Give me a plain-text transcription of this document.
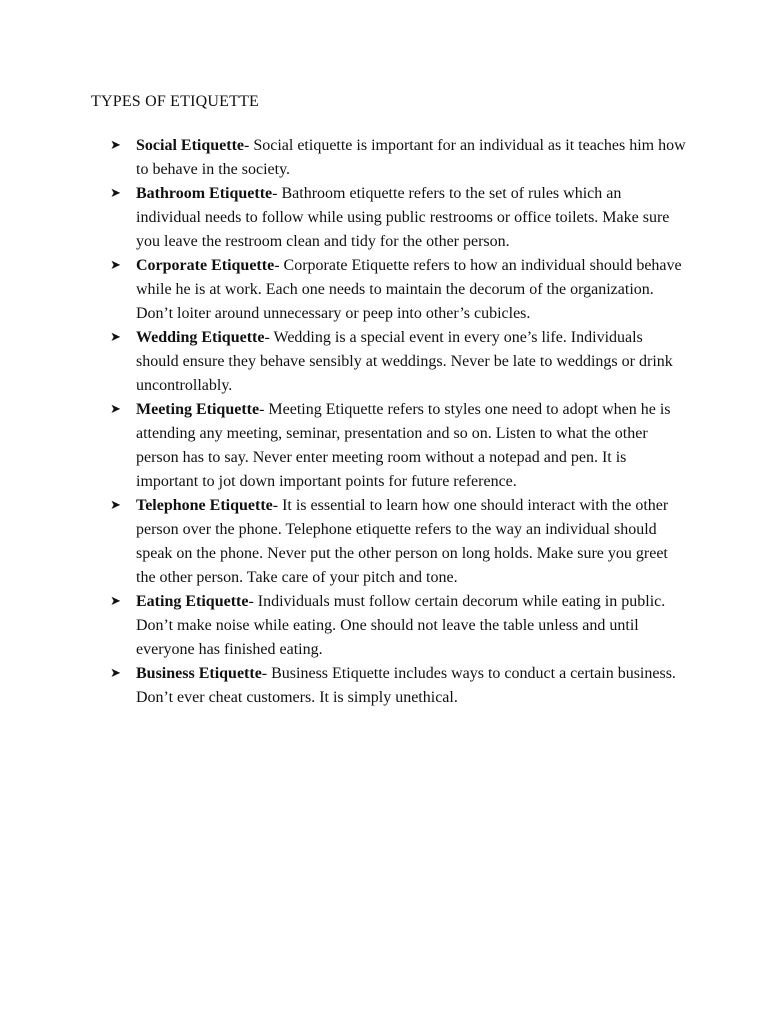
TYPES OF ETIQUETTE
➤ Social Etiquette- Social etiquette is important for an individual as it teaches him how to behave in the society.
➤ Bathroom Etiquette- Bathroom etiquette refers to the set of rules which an individual needs to follow while using public restrooms or office toilets. Make sure you leave the restroom clean and tidy for the other person.
➤ Corporate Etiquette- Corporate Etiquette refers to how an individual should behave while he is at work. Each one needs to maintain the decorum of the organization. Don’t loiter around unnecessary or peep into other’s cubicles.
➤ Wedding Etiquette- Wedding is a special event in every one’s life. Individuals should ensure they behave sensibly at weddings. Never be late to weddings or drink uncontrollably.
➤ Meeting Etiquette- Meeting Etiquette refers to styles one need to adopt when he is attending any meeting, seminar, presentation and so on. Listen to what the other person has to say. Never enter meeting room without a notepad and pen. It is important to jot down important points for future reference.
➤ Telephone Etiquette- It is essential to learn how one should interact with the other person over the phone. Telephone etiquette refers to the way an individual should speak on the phone. Never put the other person on long holds. Make sure you greet the other person. Take care of your pitch and tone.
➤ Eating Etiquette- Individuals must follow certain decorum while eating in public. Don’t make noise while eating. One should not leave the table unless and until everyone has finished eating.
➤ Business Etiquette- Business Etiquette includes ways to conduct a certain business. Don’t ever cheat customers. It is simply unethical.
